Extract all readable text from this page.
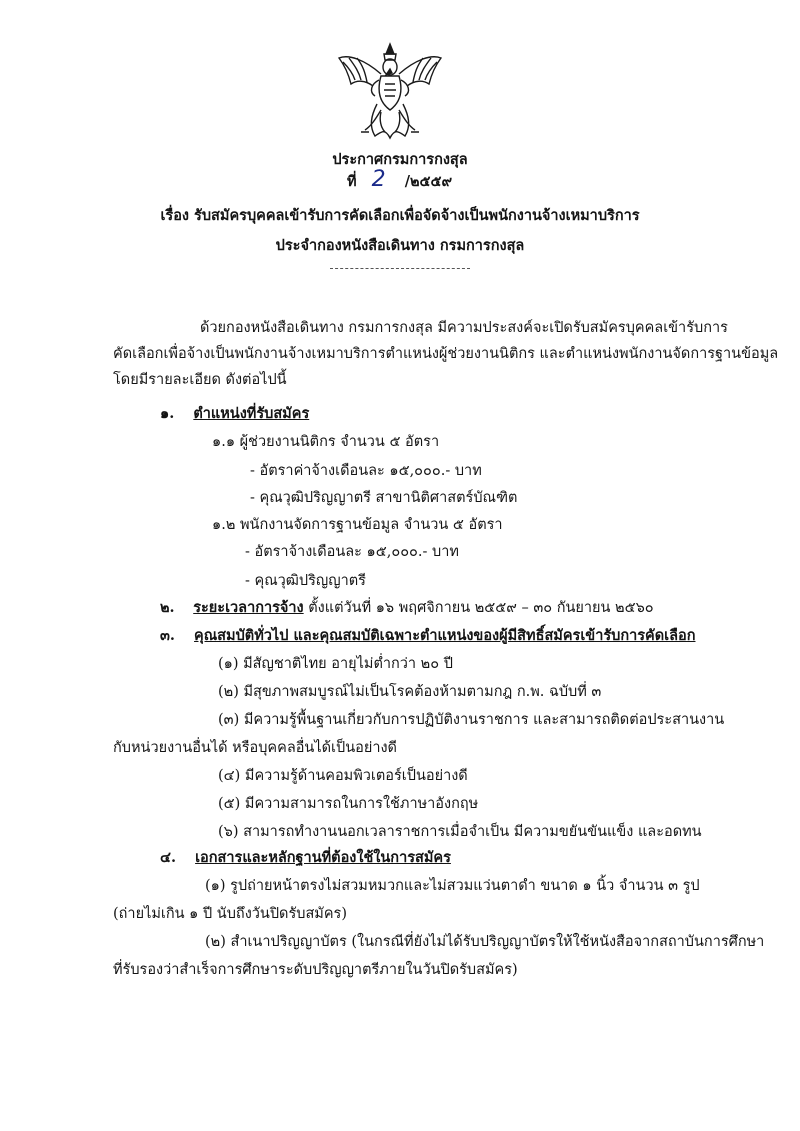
ประกาศกรมการกงสุล
ที่ 2 /๒๕๕๙
เรื่อง รับสมัครบุคคลเข้ารับการคัดเลือกเพื่อจัดจ้างเป็นพนักงานจ้างเหมาบริการ
ประจำกองหนังสือเดินทาง กรมการกงสุล
ด้วยกองหนังสือเดินทาง กรมการกงสุล มีความประสงค์จะเปิดรับสมัครบุคคลเข้ารับการ
คัดเลือกเพื่อจ้างเป็นพนักงานจ้างเหมาบริการตำแหน่งผู้ช่วยงานนิติกร และตำแหน่งพนักงานจัดการฐานข้อมูล
โดยมีรายละเอียด ดังต่อไปนี้
๑. ตำแหน่งที่รับสมัคร
๑.๑ ผู้ช่วยงานนิติกร จำนวน ๕ อัตรา
- อัตราค่าจ้างเดือนละ ๑๕,๐๐๐.- บาท
- คุณวุฒิปริญญาตรี สาขานิติศาสตร์บัณฑิต
๑.๒ พนักงานจัดการฐานข้อมูล จำนวน ๕ อัตรา
- อัตราจ้างเดือนละ ๑๕,๐๐๐.- บาท
- คุณวุฒิปริญญาตรี
๒. ระยะเวลาการจ้าง ตั้งแต่วันที่ ๑๖ พฤศจิกายน ๒๕๕๙ – ๓๐ กันยายน ๒๕๖๐
๓. คุณสมบัติทั่วไป และคุณสมบัติเฉพาะตำแหน่งของผู้มีสิทธิ์สมัครเข้ารับการคัดเลือก
(๑) มีสัญชาติไทย อายุไม่ต่ำกว่า ๒๐ ปี
(๒) มีสุขภาพสมบูรณ์ไม่เป็นโรคต้องห้ามตามกฎ ก.พ. ฉบับที่ ๓
(๓) มีความรู้พื้นฐานเกี่ยวกับการปฏิบัติงานราชการ และสามารถติดต่อประสานงาน
กับหน่วยงานอื่นได้ หรือบุคคลอื่นได้เป็นอย่างดี
(๔) มีความรู้ด้านคอมพิวเตอร์เป็นอย่างดี
(๕) มีความสามารถในการใช้ภาษาอังกฤษ
(๖) สามารถทำงานนอกเวลาราชการเมื่อจำเป็น มีความขยันขันแข็ง และอดทน
๔. เอกสารและหลักฐานที่ต้องใช้ในการสมัคร
(๑) รูปถ่ายหน้าตรงไม่สวมหมวกและไม่สวมแว่นตาดำ ขนาด ๑ นิ้ว จำนวน ๓ รูป
(ถ่ายไม่เกิน ๑ ปี นับถึงวันปิดรับสมัคร)
(๒) สำเนาปริญญาบัตร (ในกรณีที่ยังไม่ได้รับปริญญาบัตรให้ใช้หนังสือจากสถาบันการศึกษา
ที่รับรองว่าสำเร็จการศึกษาระดับปริญญาตรีภายในวันปิดรับสมัคร)
